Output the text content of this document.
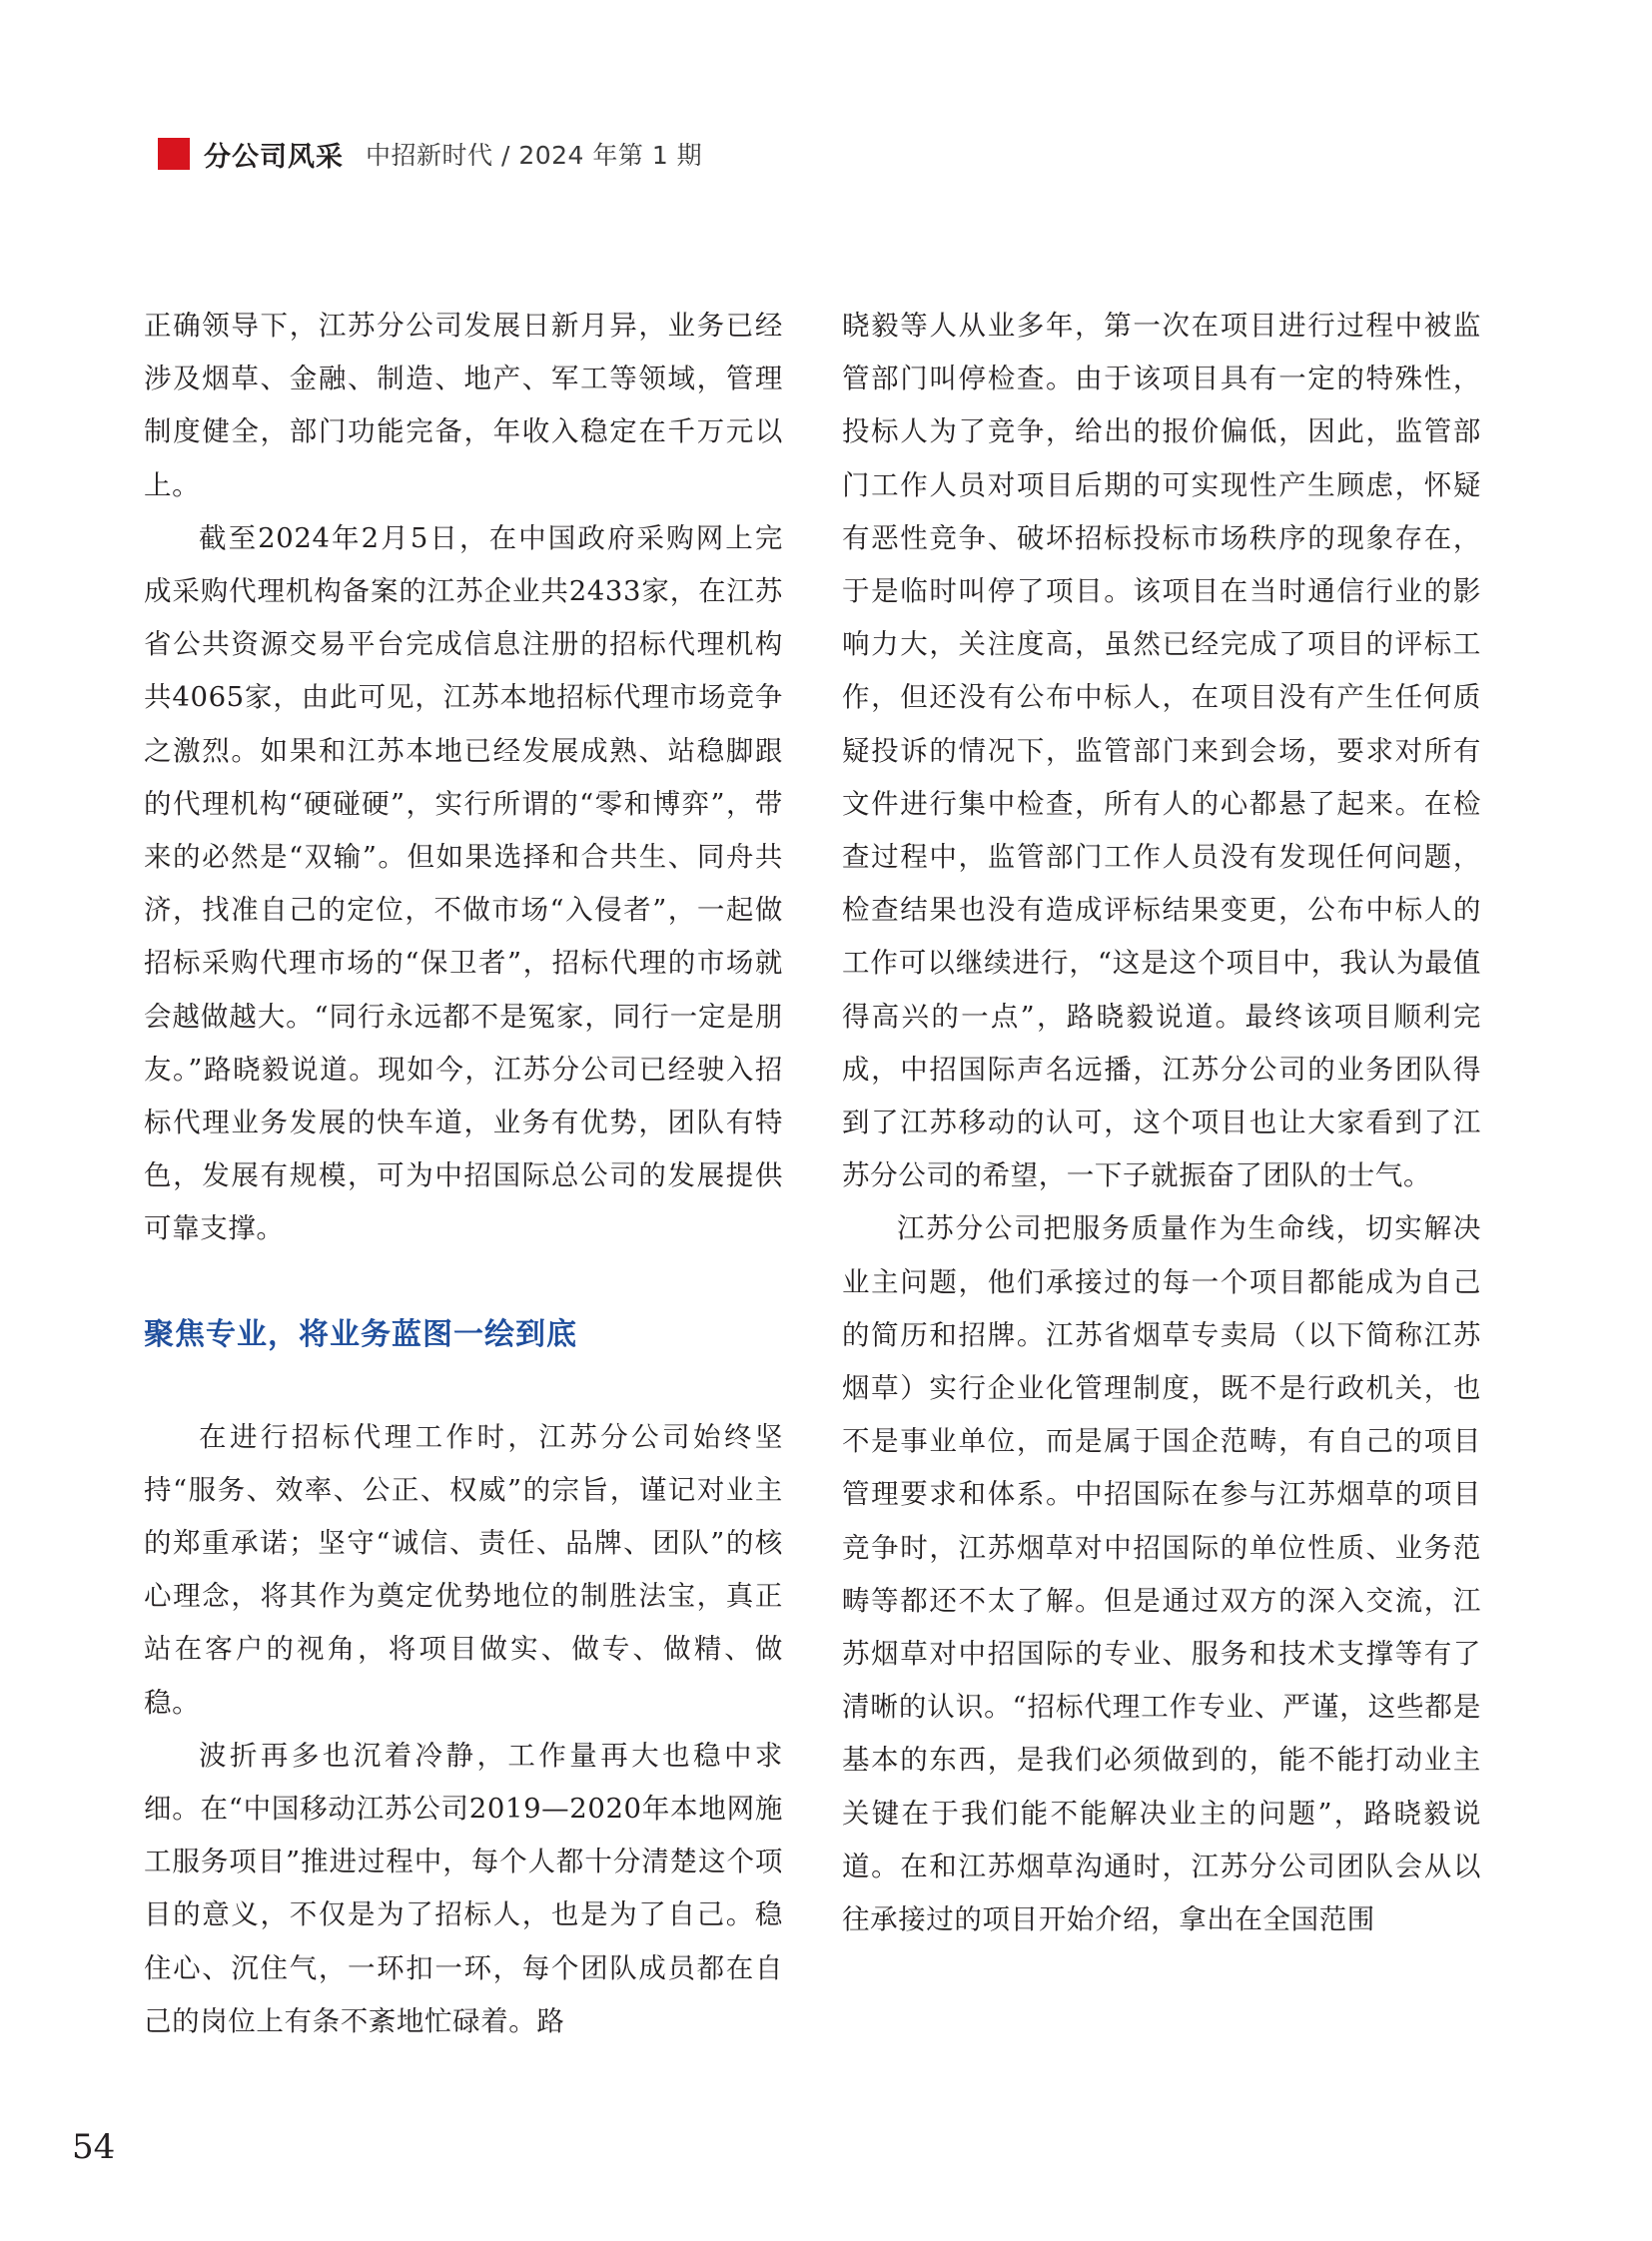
分公司风采 中招新时代 / 2024 年第 1 期

正确领导下，江苏分公司发展日新月异，业务已经涉及烟草、金融、制造、地产、军工等领域，管理制度健全，部门功能完备，年收入稳定在千万元以上。

截至2024年2月5日，在中国政府采购网上完成采购代理机构备案的江苏企业共2433家，在江苏省公共资源交易平台完成信息注册的招标代理机构共4065家，由此可见，江苏本地招标代理市场竞争之激烈。如果和江苏本地已经发展成熟、站稳脚跟的代理机构“硬碰硬”，实行所谓的“零和博弈”，带来的必然是“双输”。但如果选择和合共生、同舟共济，找准自己的定位，不做市场“入侵者”，一起做招标采购代理市场的“保卫者”，招标代理的市场就会越做越大。“同行永远都不是冤家，同行一定是朋友。”路晓毅说道。现如今，江苏分公司已经驶入招标代理业务发展的快车道，业务有优势，团队有特色，发展有规模，可为中招国际总公司的发展提供可靠支撑。

聚焦专业，将业务蓝图一绘到底

在进行招标代理工作时，江苏分公司始终坚持“服务、效率、公正、权威”的宗旨，谨记对业主的郑重承诺；坚守“诚信、责任、品牌、团队”的核心理念，将其作为奠定优势地位的制胜法宝，真正站在客户的视角，将项目做实、做专、做精、做稳。

波折再多也沉着冷静，工作量再大也稳中求细。在“中国移动江苏公司2019—2020年本地网施工服务项目”推进过程中，每个人都十分清楚这个项目的意义，不仅是为了招标人，也是为了自己。稳住心、沉住气，一环扣一环，每个团队成员都在自己的岗位上有条不紊地忙碌着。路

晓毅等人从业多年，第一次在项目进行过程中被监管部门叫停检查。由于该项目具有一定的特殊性，投标人为了竞争，给出的报价偏低，因此，监管部门工作人员对项目后期的可实现性产生顾虑，怀疑有恶性竞争、破坏招标投标市场秩序的现象存在，于是临时叫停了项目。该项目在当时通信行业的影响力大，关注度高，虽然已经完成了项目的评标工作，但还没有公布中标人，在项目没有产生任何质疑投诉的情况下，监管部门来到会场，要求对所有文件进行集中检查，所有人的心都悬了起来。在检查过程中，监管部门工作人员没有发现任何问题，检查结果也没有造成评标结果变更，公布中标人的工作可以继续进行，“这是这个项目中，我认为最值得高兴的一点”，路晓毅说道。最终该项目顺利完成，中招国际声名远播，江苏分公司的业务团队得到了江苏移动的认可，这个项目也让大家看到了江苏分公司的希望，一下子就振奋了团队的士气。

江苏分公司把服务质量作为生命线，切实解决业主问题，他们承接过的每一个项目都能成为自己的简历和招牌。江苏省烟草专卖局（以下简称江苏烟草）实行企业化管理制度，既不是行政机关，也不是事业单位，而是属于国企范畴，有自己的项目管理要求和体系。中招国际在参与江苏烟草的项目竞争时，江苏烟草对中招国际的单位性质、业务范畴等都还不太了解。但是通过双方的深入交流，江苏烟草对中招国际的专业、服务和技术支撑等有了清晰的认识。“招标代理工作专业、严谨，这些都是基本的东西，是我们必须做到的，能不能打动业主关键在于我们能不能解决业主的问题”，路晓毅说道。在和江苏烟草沟通时，江苏分公司团队会从以往承接过的项目开始介绍，拿出在全国范围

54
